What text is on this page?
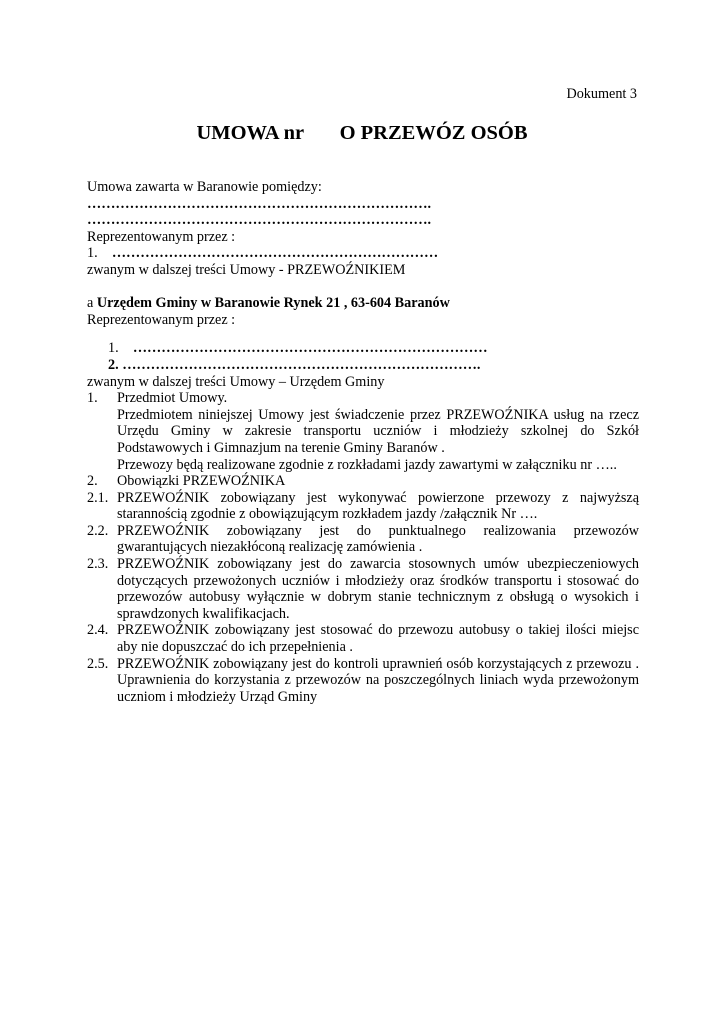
Dokument 3
UMOWA nr O PRZEWÓZ OSÓB
Umowa zawarta w Baranowie pomiędzy:
……………………………………………………………….
……………………………………………………………….
Reprezentowanym przez :
1. ……………………………………………………………
zwanym w dalszej treści Umowy - PRZEWOŹNIKIEM
a Urzędem Gminy w Baranowie Rynek 21 , 63-604 Baranów
Reprezentowanym przez :
1. …………………………………………………………………
2. ………………………………………………………………….
zwanym w dalszej treści Umowy – Urzędem Gminy
1.	Przedmiot Umowy.
Przedmiotem niniejszej Umowy jest świadczenie przez PRZEWOŹNIKA usług na rzecz Urzędu Gminy w zakresie transportu uczniów i młodzieży szkolnej do Szkół Podstawowych i Gimnazjum na terenie Gminy Baranów .
Przewozy będą realizowane zgodnie z rozkładami jazdy zawartymi w załączniku nr …..
2.	Obowiązki PRZEWOŹNIKA
2.1. PRZEWOŹNIK zobowiązany jest wykonywać powierzone przewozy z najwyższą starannością zgodnie z obowiązującym rozkładem jazdy /załącznik Nr ….
2.2. PRZEWOŹNIK zobowiązany jest do punktualnego realizowania przewozów gwarantujących niezakłóconą realizację zamówienia .
2.3. PRZEWOŹNIK zobowiązany jest do zawarcia stosownych umów ubezpieczeniowych dotyczących przewożonych uczniów i młodzieży oraz środków transportu i stosować do przewozów autobusy wyłącznie w dobrym stanie technicznym z obsługą o wysokich i sprawdzonych kwalifikacjach.
2.4. PRZEWOŹNIK zobowiązany jest stosować do przewozu autobusy o takiej ilości miejsc aby nie dopuszczać do ich przepełnienia .
2.5. PRZEWOŹNIK zobowiązany jest do kontroli uprawnień osób korzystających z przewozu . Uprawnienia do korzystania z przewozów na poszczególnych liniach wyda przewożonym uczniom i młodzieży Urząd Gminy
